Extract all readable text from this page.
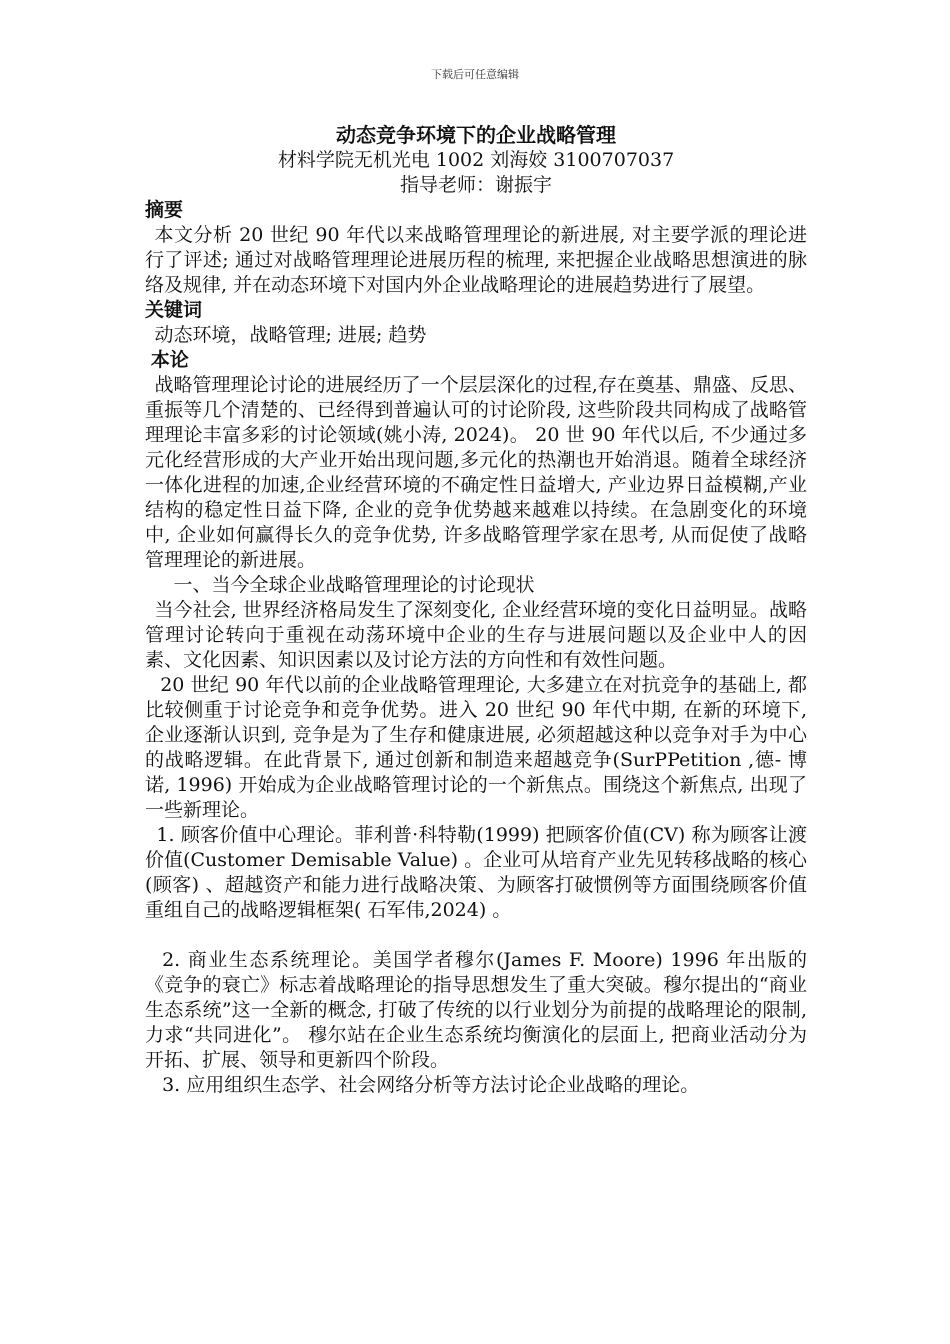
下载后可任意编辑

动态竞争环境下的企业战略管理

材料学院无机光电 1002 刘海姣 3100707037

指导老师：谢振宇

摘要

本文分析 20 世纪 90 年代以来战略管理理论的新进展, 对主要学派的理论进行了评述; 通过对战略管理理论进展历程的梳理, 来把握企业战略思想演进的脉络及规律, 并在动态环境下对国内外企业战略理论的进展趋势进行了展望。

关键词

动态环境，战略管理; 进展; 趋势

本论

战略管理理论讨论的进展经历了一个层层深化的过程,存在奠基、鼎盛、反思、重振等几个清楚的、已经得到普遍认可的讨论阶段, 这些阶段共同构成了战略管理理论丰富多彩的讨论领域(姚小涛, 2024)。 20 世 90 年代以后, 不少通过多元化经营形成的大产业开始出现问题,多元化的热潮也开始消退。随着全球经济一体化进程的加速,企业经营环境的不确定性日益增大, 产业边界日益模糊,产业结构的稳定性日益下降, 企业的竞争优势越来越难以持续。在急剧变化的环境中, 企业如何赢得长久的竞争优势, 许多战略管理学家在思考, 从而促使了战略管理理论的新进展。

一、当今全球企业战略管理理论的讨论现状

当今社会, 世界经济格局发生了深刻变化, 企业经营环境的变化日益明显。战略管理讨论转向于重视在动荡环境中企业的生存与进展问题以及企业中人的因素、文化因素、知识因素以及讨论方法的方向性和有效性问题。

20 世纪 90 年代以前的企业战略管理理论, 大多建立在对抗竞争的基础上, 都比较侧重于讨论竞争和竞争优势。进入 20 世纪 90 年代中期, 在新的环境下, 企业逐渐认识到, 竞争是为了生存和健康进展, 必须超越这种以竞争对手为中心的战略逻辑。在此背景下, 通过创新和制造来超越竞争(SurPPetition ,德- 博诺, 1996) 开始成为企业战略管理讨论的一个新焦点。围绕这个新焦点, 出现了一些新理论。

1. 顾客价值中心理论。菲利普·科特勒(1999) 把顾客价值(CV) 称为顾客让渡价值(Customer Demisable Value) 。企业可从培育产业先见转移战略的核心(顾客) 、超越资产和能力进行战略决策、为顾客打破惯例等方面围绕顾客价值重组自己的战略逻辑框架( 石军伟,2024) 。

2. 商业生态系统理论。美国学者穆尔(James F. Moore) 1996 年出版的《竞争的衰亡》标志着战略理论的指导思想发生了重大突破。穆尔提出的“商业生态系统”这一全新的概念, 打破了传统的以行业划分为前提的战略理论的限制, 力求“共同进化”。 穆尔站在企业生态系统均衡演化的层面上, 把商业活动分为开拓、扩展、领导和更新四个阶段。

3. 应用组织生态学、社会网络分析等方法讨论企业战略的理论。
